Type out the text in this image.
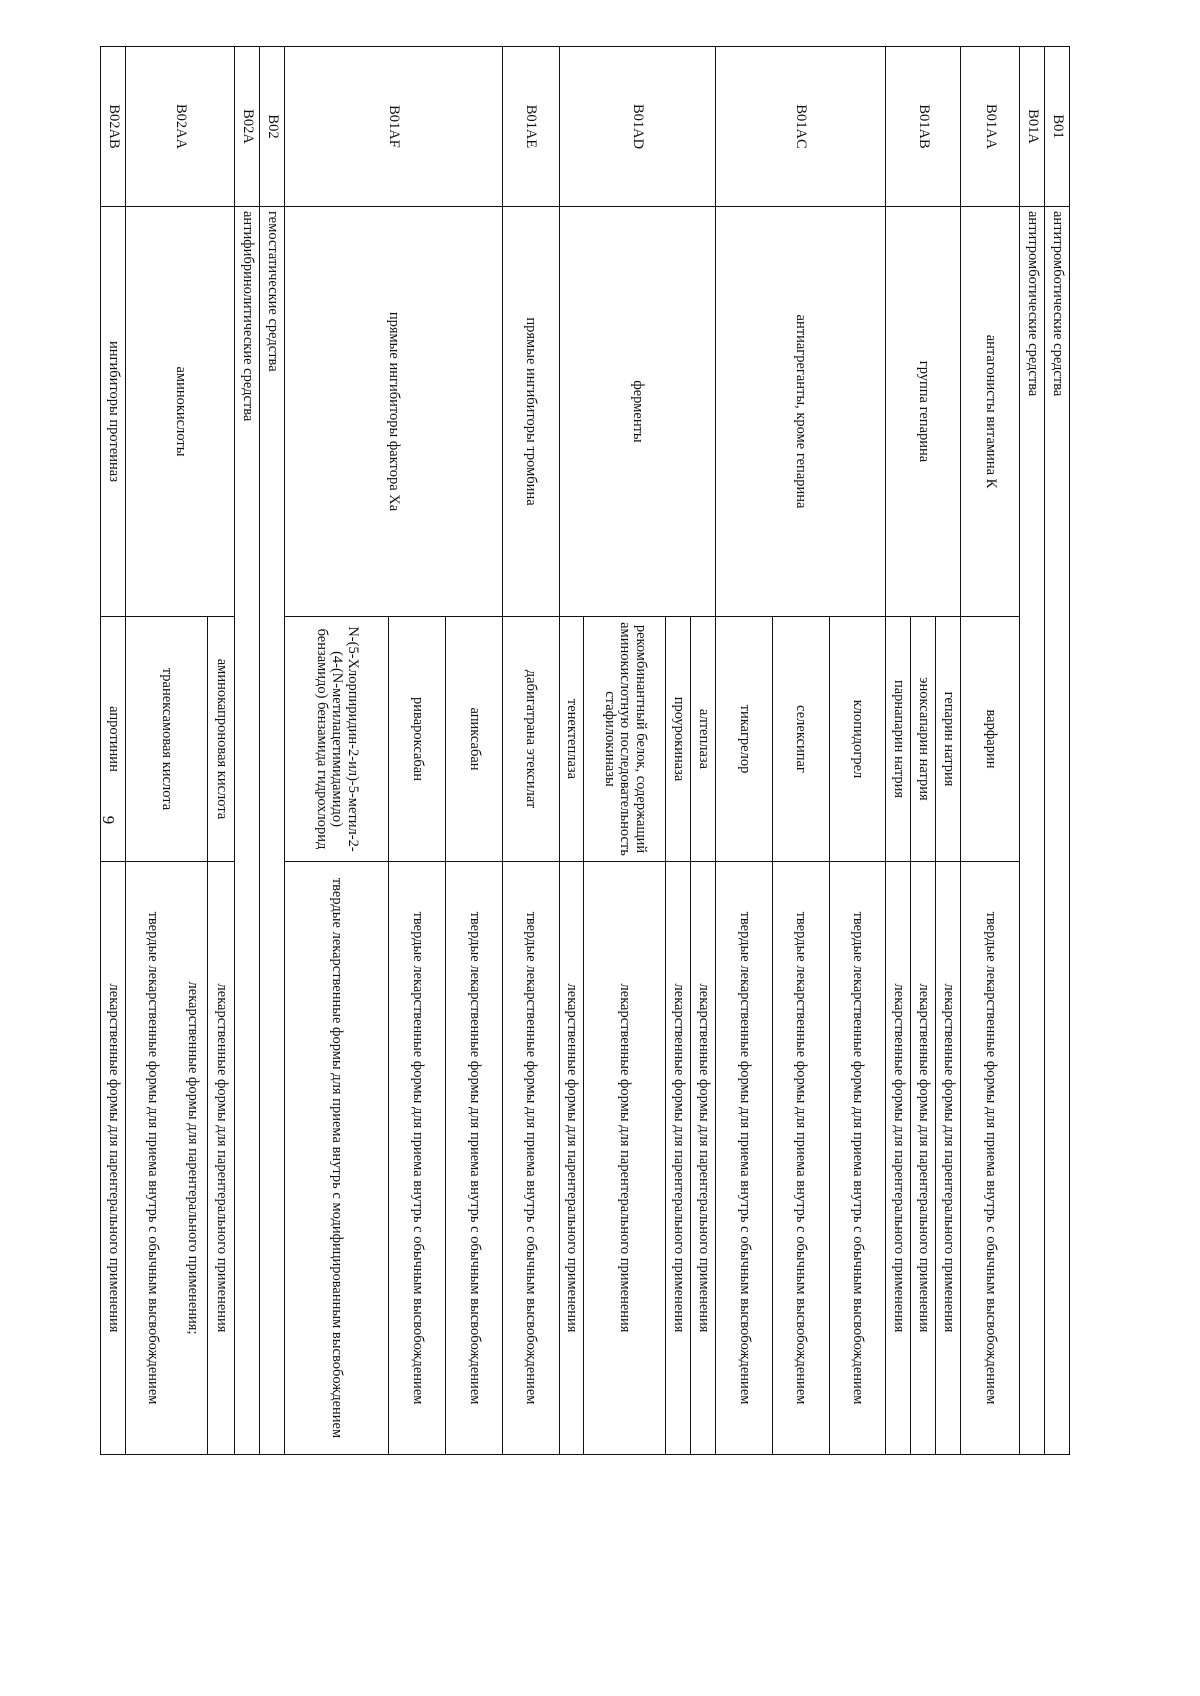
9
B01	антитромботические средства		
B01A	антитромботические средства		
B01AA	антагонисты витамина К	варфарин	твердые лекарственные формы для приема внутрь с обычным высвобождением
B01AB	группа гепарина	гепарин натрия	лекарственные формы для парентерального применения
		эноксапарин натрия	лекарственные формы для парентерального применения
		парнапарин натрия	лекарственные формы для парентерального применения
B01AC	антиагреганты, кроме гепарина	клопидогрел	твердые лекарственные формы для приема внутрь с обычным высвобождением
		селексипаг	твердые лекарственные формы для приема внутрь с обычным высвобождением
		тикагрелор	твердые лекарственные формы для приема внутрь с обычным высвобождением
B01AD	ферменты	алтеплаза	лекарственные формы для парентерального применения
		проурокиназа	лекарственные формы для парентерального применения
		рекомбинантный белок, содержащий аминокислотную последовательность стафилокиназы	лекарственные формы для парентерального применения
		тенектеплаза	лекарственные формы для парентерального применения
B01AE	прямые ингибиторы тромбина	дабигатрана этексилат	твердые лекарственные формы для приема внутрь с обычным высвобождением
B01AF	прямые ингибиторы фактора Xa	апиксабан	твердые лекарственные формы для приема внутрь с обычным высвобождением
		ривароксабан	твердые лекарственные формы для приема внутрь с обычным высвобождением
		N-(5-Хлорпиридин-2-ил)-5-метил-2-(4-(N-метилацетимидамидо) бензамидо) бензамида гидрохлорид	твердые лекарственные формы для приема внутрь с модифицированным высвобождением
B02	гемостатические средства		
B02A	антифибринолитические средства		
B02AA	аминокислоты	аминокапроновая кислота	лекарственные формы для парентерального применения
		транексамовая кислота	лекарственные формы для парентерального применения;
			твердые лекарственные формы для приема внутрь с обычным высвобождением
B02AB	ингибиторы протеиназ	апротинин	лекарственные формы для парентерального применения
